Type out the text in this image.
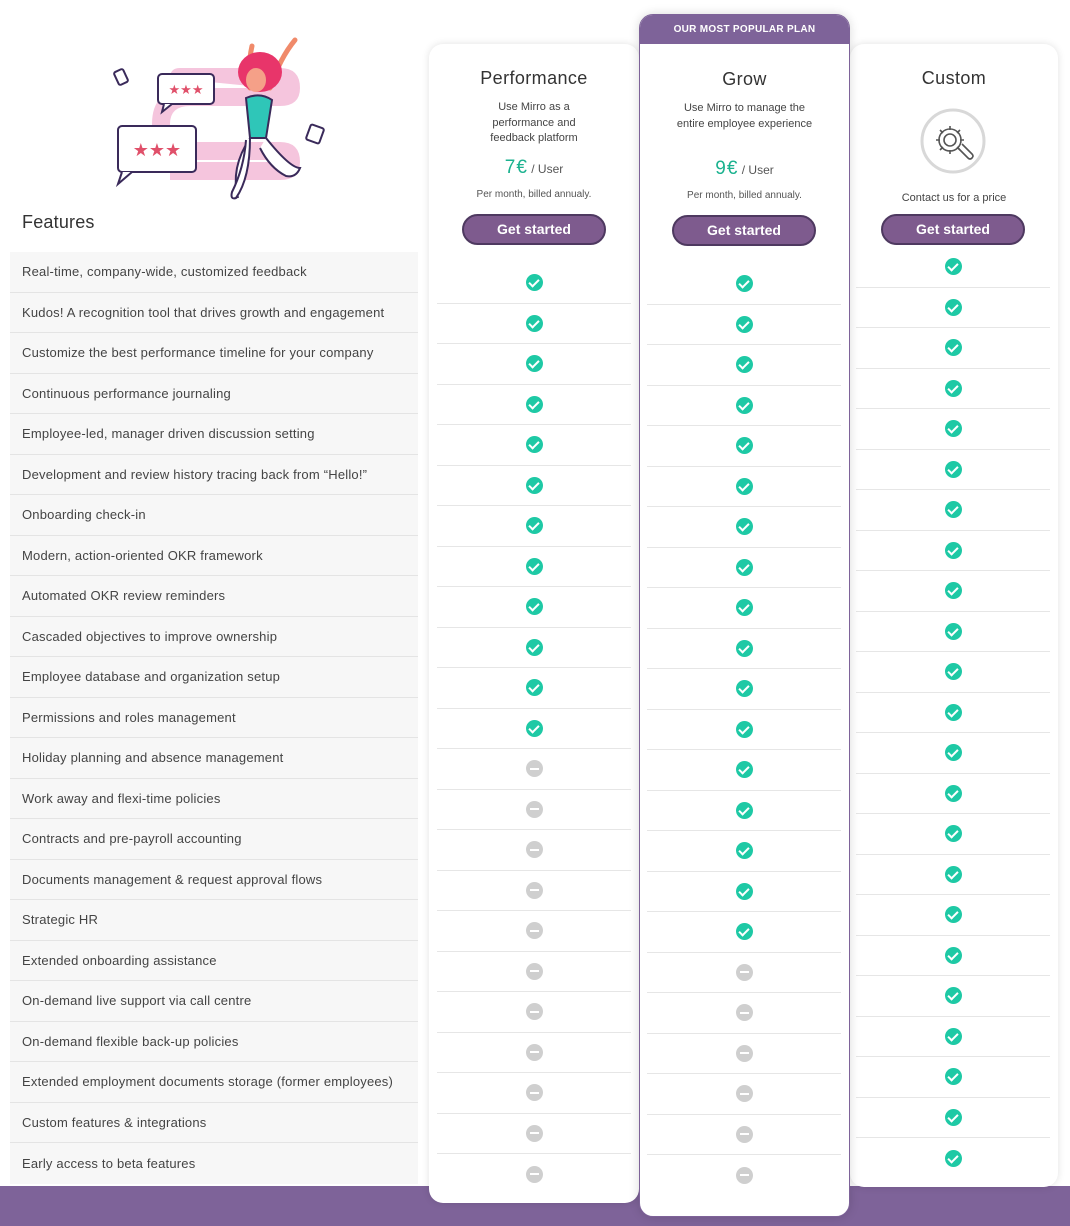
★★★
★★★
Features
Real-time, company-wide, customized feedback
Kudos! A recognition tool that drives growth and engagement
Customize the best performance timeline for your company
Continuous performance journaling
Employee-led, manager driven discussion setting
Development and review history tracing back from “Hello!”
Onboarding check-in
Modern, action-oriented OKR framework
Automated OKR review reminders
Cascaded objectives to improve ownership
Employee database and organization setup
Permissions and roles management
Holiday planning and absence management
Work away and flexi-time policies
Contracts and pre-payroll accounting
Documents management & request approval flows
Strategic HR
Extended onboarding assistance
On-demand live support via call centre
On-demand flexible back-up policies
Extended employment documents storage (former employees)
Custom features & integrations
Early access to beta features
Performance
Use Mirro as a performance and feedback platform
7€ / User
Per month, billed annualy.
Get started
OUR MOST POPULAR PLAN
Grow
Use Mirro to manage the entire employee experience
9€ / User
Per month, billed annualy.
Get started
Custom
Contact us for a price
Get started
